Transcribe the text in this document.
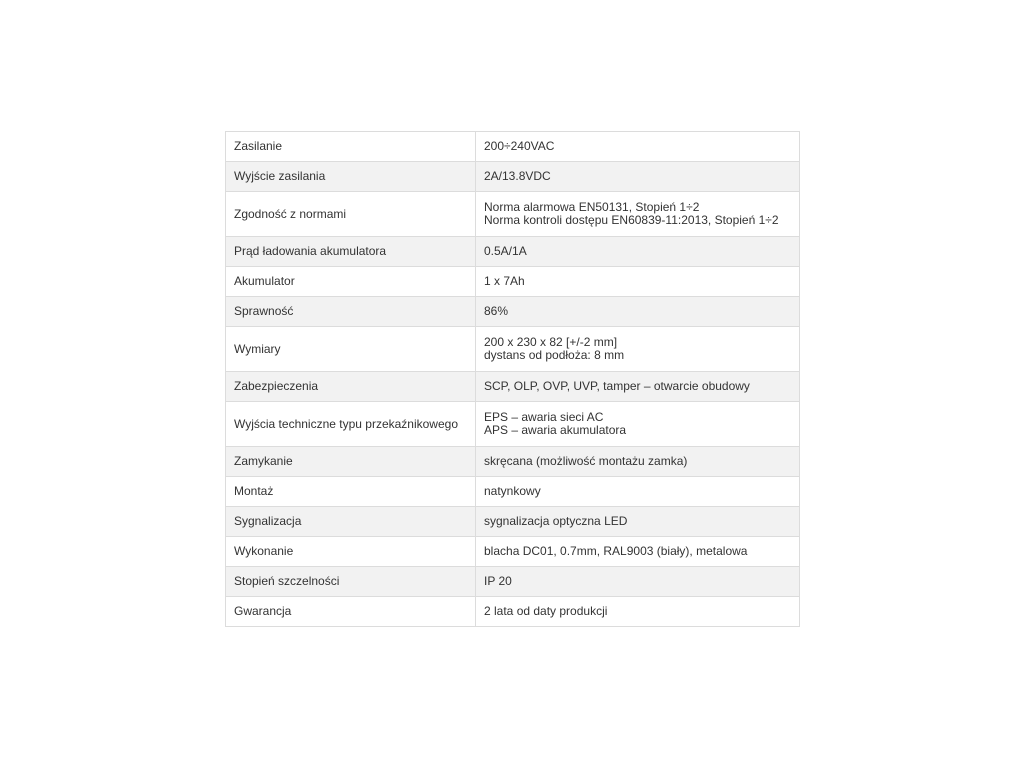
Zasilanie	200÷240VAC

Wyjście zasilania	2A/13.8VDC

Zgodność z normami	Norma alarmowa EN50131, Stopień 1÷2
Norma kontroli dostępu EN60839-11:2013, Stopień 1÷2

Prąd ładowania akumulatora	0.5A/1A

Akumulator	1 x 7Ah

Sprawność	86%

Wymiary	200 x 230 x 82 [+/-2 mm]
dystans od podłoża: 8 mm

Zabezpieczenia	SCP, OLP, OVP, UVP, tamper – otwarcie obudowy

Wyjścia techniczne typu przekaźnikowego	EPS – awaria sieci AC
APS – awaria akumulatora

Zamykanie	skręcana (możliwość montażu zamka)

Montaż	natynkowy

Sygnalizacja	sygnalizacja optyczna LED

Wykonanie	blacha DC01, 0.7mm, RAL9003 (biały), metalowa

Stopień szczelności	IP 20

Gwarancja	2 lata od daty produkcji
